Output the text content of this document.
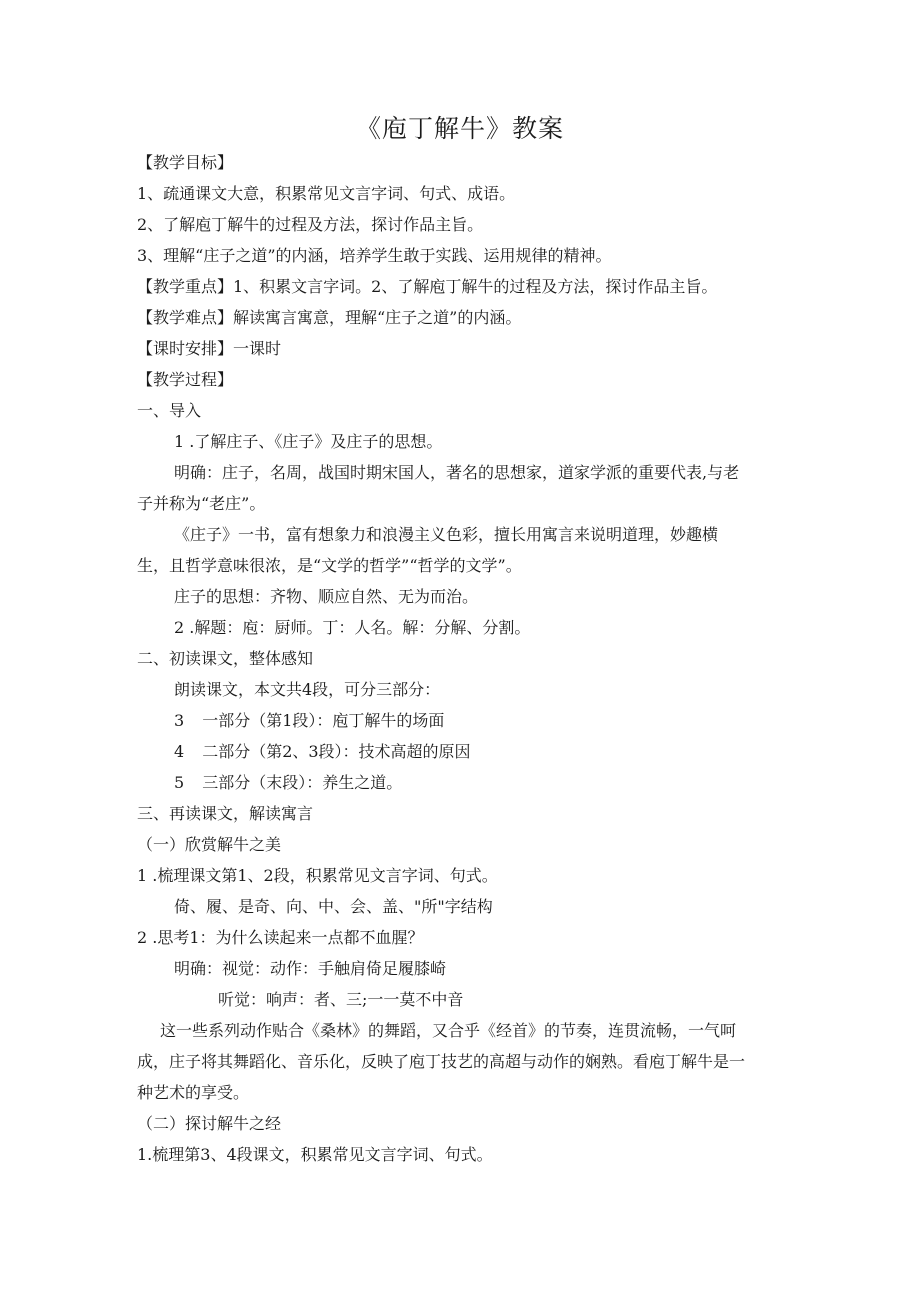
《庖丁解牛》教案
【教学目标】
1、疏通课文大意，积累常见文言字词、句式、成语。
2、了解庖丁解牛的过程及方法，探讨作品主旨。
3、理解“庄子之道”的内涵，培养学生敢于实践、运用规律的精神。
【教学重点】1、积累文言字词。2、了解庖丁解牛的过程及方法，探讨作品主旨。
【教学难点】解读寓言寓意，理解“庄子之道”的内涵。
【课时安排】一课时
【教学过程】
一、导入
1 .了解庄子、《庄子》及庄子的思想。
明确：庄子，名周，战国时期宋国人，著名的思想家，道家学派的重要代表,与老
子并称为“老庄”。
《庄子》一书，富有想象力和浪漫主义色彩，擅长用寓言来说明道理，妙趣横
生，且哲学意味很浓，是“文学的哲学”“哲学的文学”。
庄子的思想：齐物、顺应自然、无为而治。
2 .解题：庖：厨师。丁：人名。解：分解、分割。
二、初读课文，整体感知
朗读课文，本文共4段，可分三部分：
3 一部分（第1段）：庖丁解牛的场面
4 二部分（第2、3段）：技术高超的原因
5 三部分（末段）：养生之道。
三、再读课文，解读寓言
（一）欣赏解牛之美
1 .梳理课文第1、2段，积累常见文言字词、句式。
倚、履、是奇、向、中、会、盖、"所"字结构
2 .思考1：为什么读起来一点都不血腥？
明确：视觉：动作：手触肩倚足履膝崎
听觉：响声：者、三;一一莫不中音
这一些系列动作贴合《桑林》的舞蹈，又合乎《经首》的节奏，连贯流畅，一气呵
成，庄子将其舞蹈化、音乐化，反映了庖丁技艺的高超与动作的娴熟。看庖丁解牛是一
种艺术的享受。
（二）探讨解牛之经
1.梳理第3、4段课文，积累常见文言字词、句式。
